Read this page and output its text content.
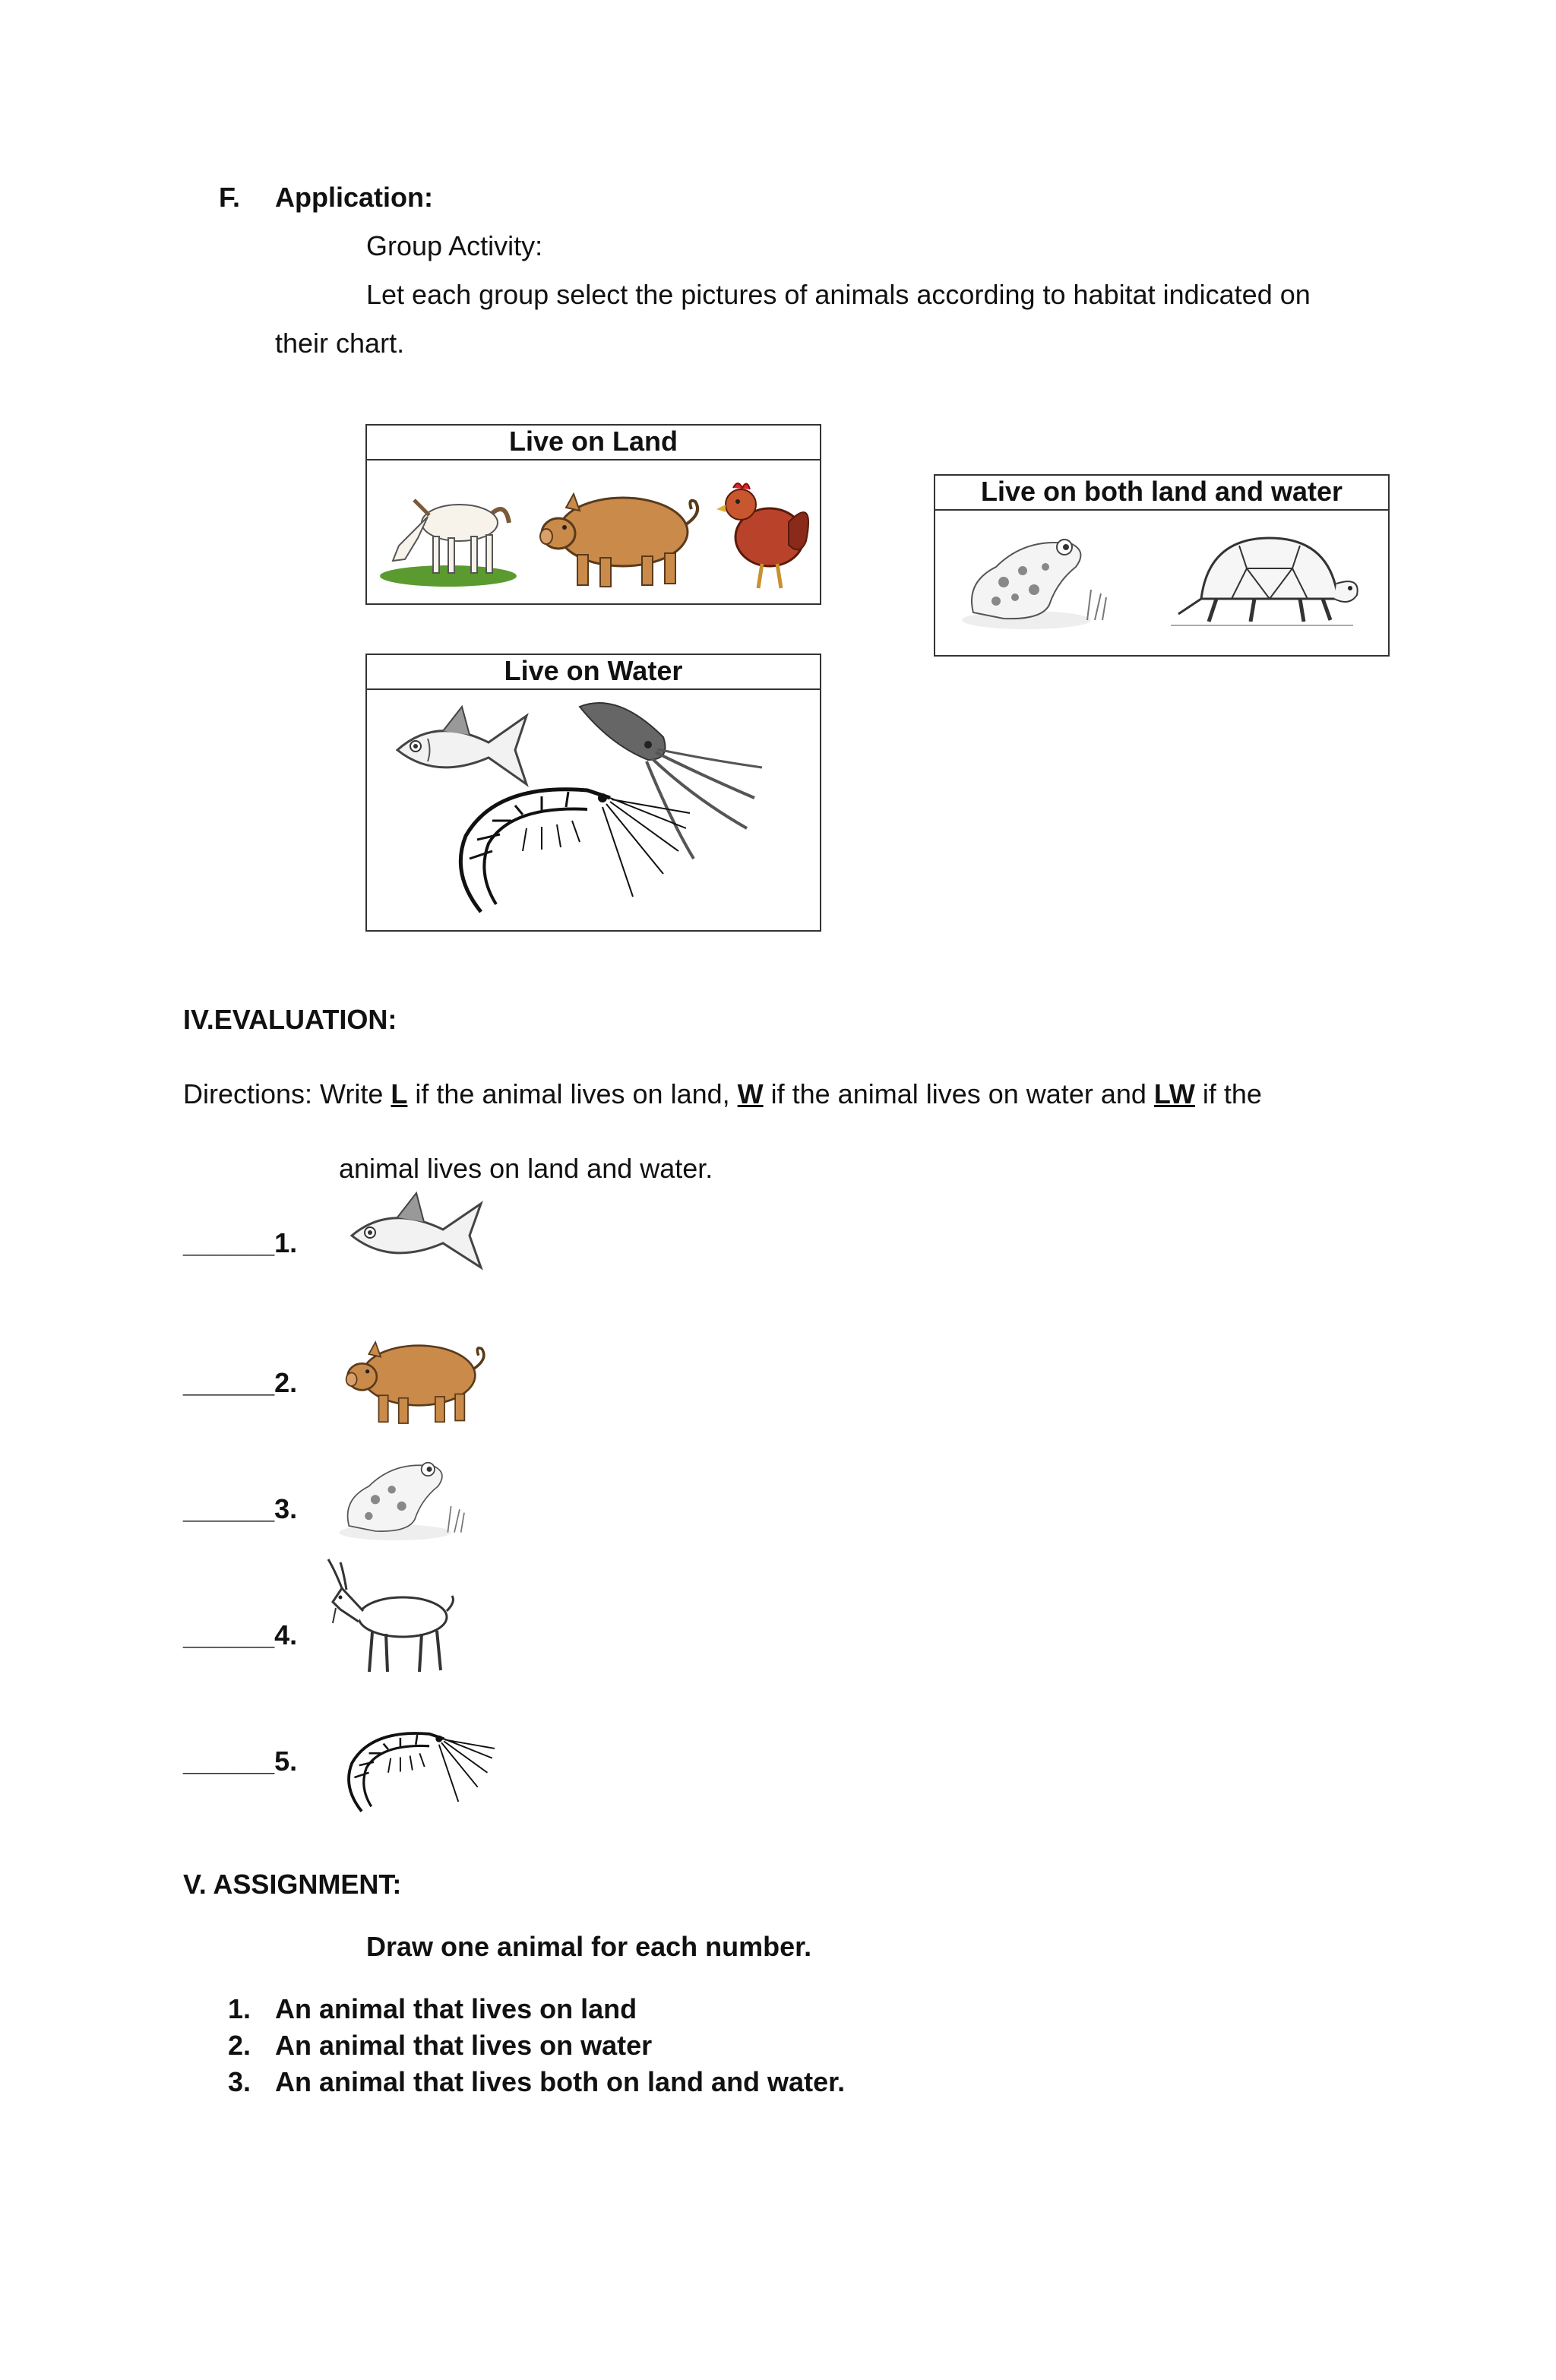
F. Application:
Group Activity:
Let each group select the pictures of animals according to habitat indicated on
their chart.
Live on Land
Live on Water
Live on both land and water
IV.EVALUATION:
Directions: Write L if the animal lives on land, W if the animal lives on water and LW if the
animal lives on land and water.
______1.
______2.
______3.
______4.
______5.
V. ASSIGNMENT:
Draw one animal for each number.
1. An animal that lives on land
2. An animal that lives on water
3. An animal that lives both on land and water.
